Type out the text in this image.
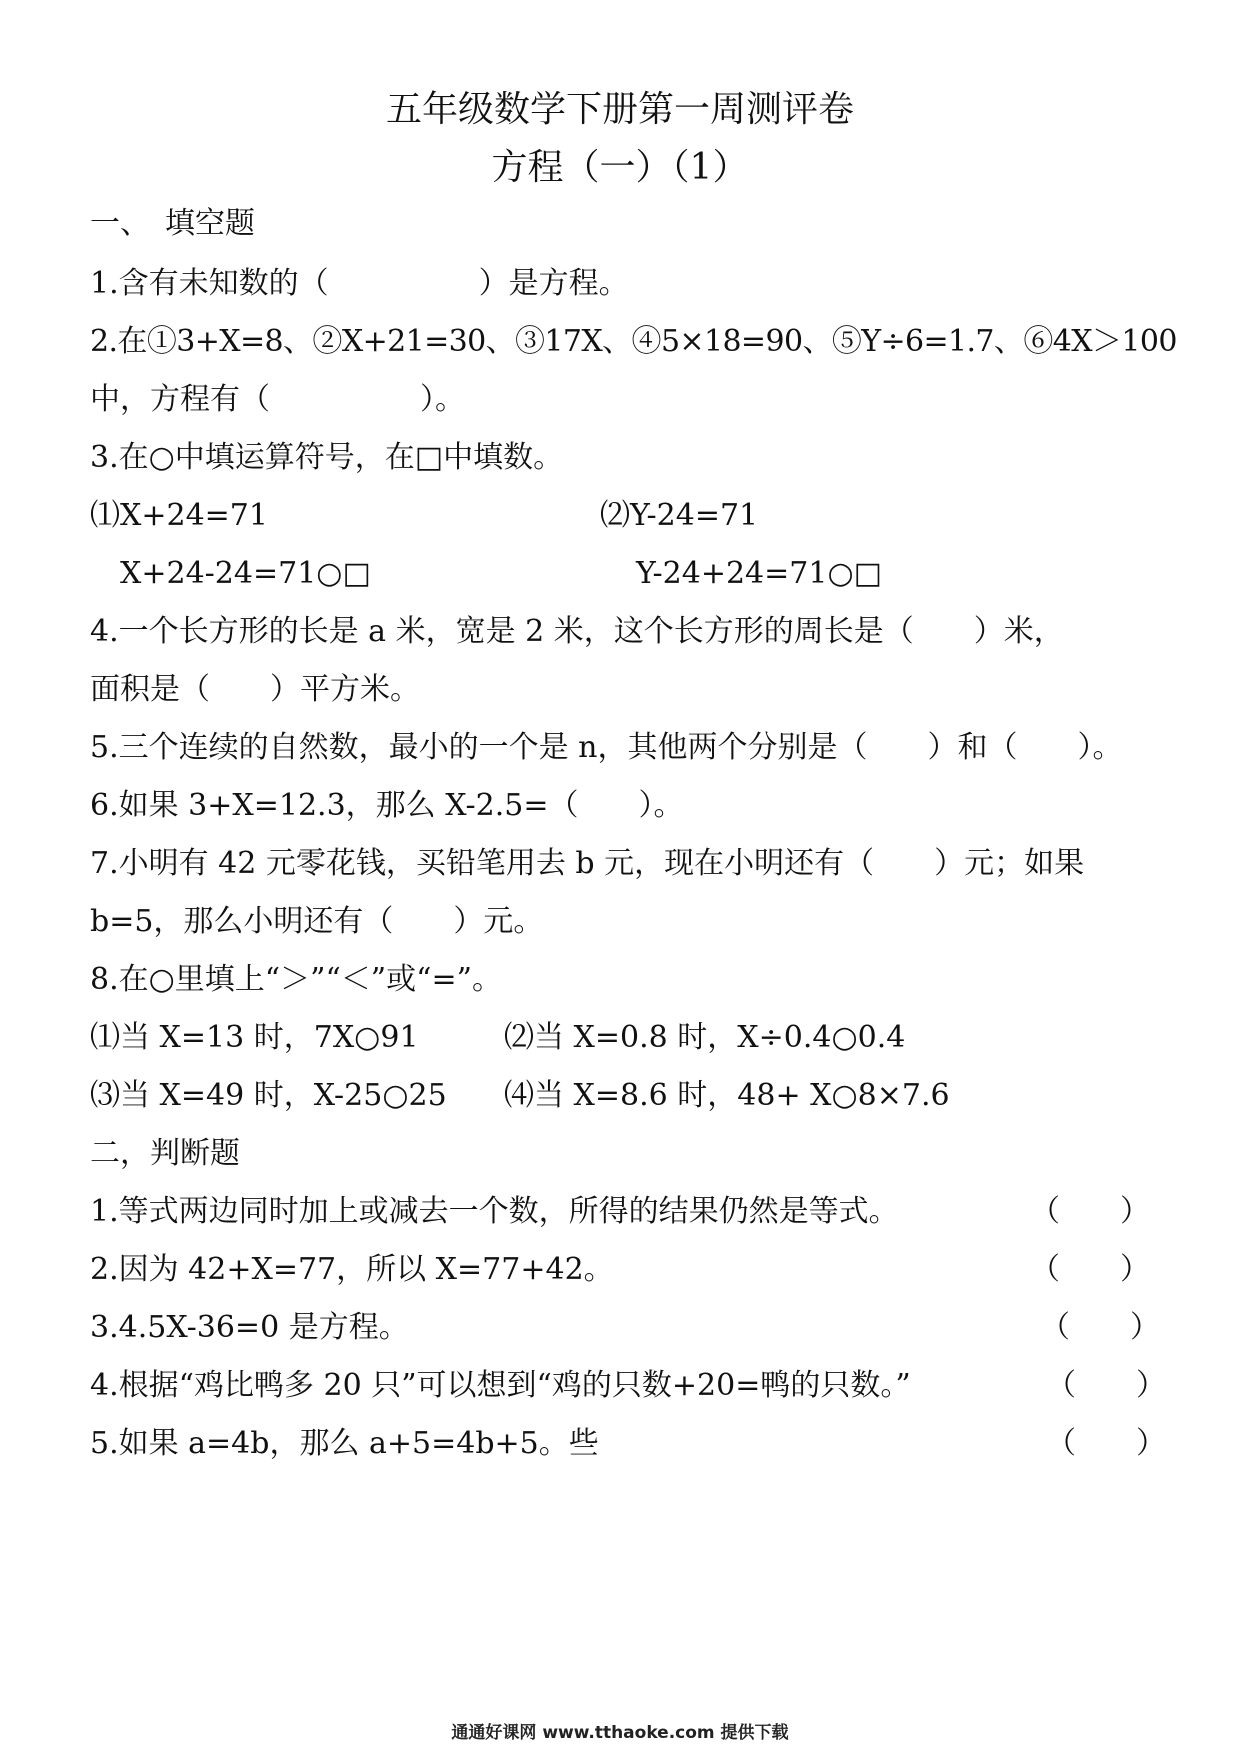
五年级数学下册第一周测评卷
方程（一）（1）
一、　填空题
1.含有未知数的（　　　　　）是方程。
2.在①3+X=8、②X+21=30、③17X、④5×18=90、⑤Y÷6=1.7、⑥4X＞100
中，方程有（　　　　　）。
3.在○中填运算符号，在□中填数。
⑴X+24=71	⑵Y-24=71
X+24-24=71○□	Y-24+24=71○□
4.一个长方形的长是 a 米，宽是 2 米，这个长方形的周长是（　　）米，
面积是（　　）平方米。
5.三个连续的自然数，最小的一个是 n，其他两个分别是（　　）和（　　）。
6.如果 3+X=12.3，那么 X-2.5=（　　）。
7.小明有 42 元零花钱，买铅笔用去 b 元，现在小明还有（　　）元；如果
b=5，那么小明还有（　　）元。
8.在○里填上“＞”“＜”或“=”。
⑴当 X=13 时，7X○91	⑵当 X=0.8 时，X÷0.4○0.4
⑶当 X=49 时，X-25○25 ⑷当 X=8.6 时，48+ X○8×7.6
二，判断题
1.等式两边同时加上或减去一个数，所得的结果仍然是等式。	（　　）
2.因为 42+X=77，所以 X=77+42。	（　　）
3.4.5X-36=0 是方程。	（　　）
4.根据“鸡比鸭多 20 只”可以想到“鸡的只数+20=鸭的只数。”	（　　）
5.如果 a=4b，那么 a+5=4b+5。些	（　　）
通通好课网 www.tthaoke.com 提供下载
